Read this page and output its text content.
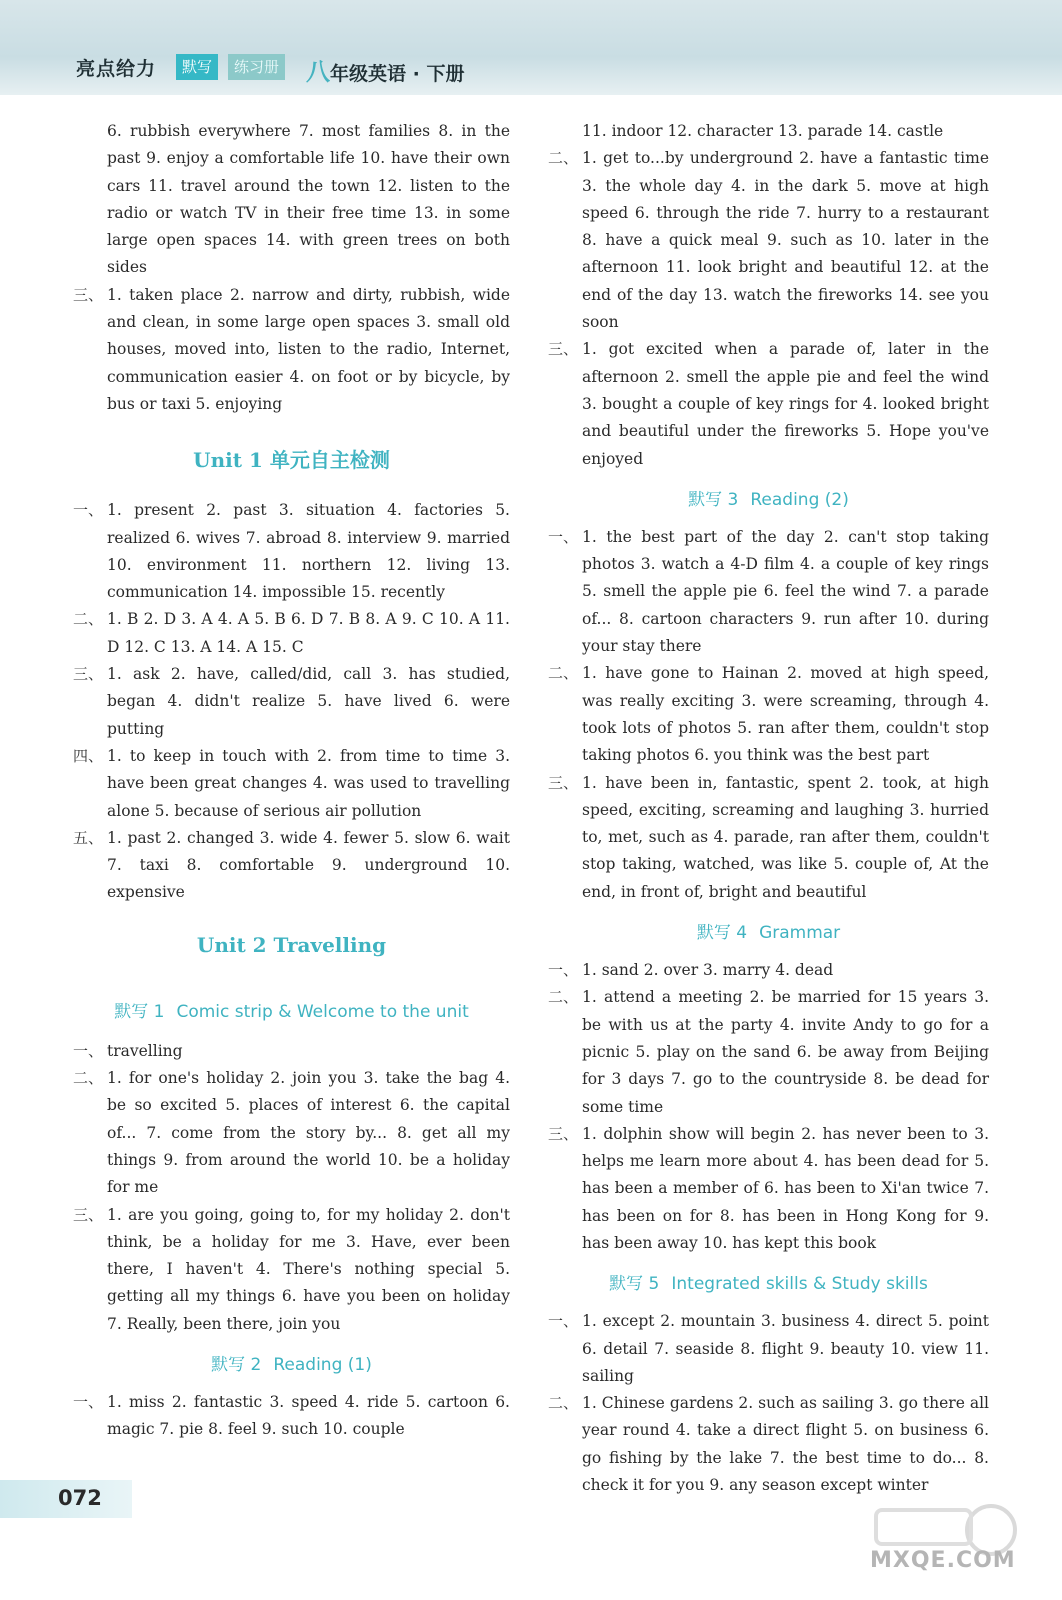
亮点给力	默写	练习册 八年级英语 · 下册

6. rubbish everywhere 7. most families 8. in the past 9. enjoy a comfortable life 10. have their own cars 11. travel around the town 12. listen to the radio or watch TV in their free time 13. in some large open spaces 14. with green trees on both sides

三、 1. taken place 2. narrow and dirty, rubbish, wide and clean, in some large open spaces 3. small old houses, moved into, listen to the radio, Internet, communication easier 4. on foot or by bicycle, by bus or taxi 5. enjoying

Unit 1 单元自主检测

一、 1. present 2. past 3. situation 4. factories 5. realized 6. wives 7. abroad 8. interview 9. married 10. environment 11. northern 12. living 13. communication 14. impossible 15. recently

二、 1. B 2. D 3. A 4. A 5. B 6. D 7. B 8. A 9. C 10. A 11. D 12. C 13. A 14. A 15. C

三、 1. ask 2. have, called/did, call 3. has studied, began 4. didn't realize 5. have lived 6. were putting

四、 1. to keep in touch with 2. from time to time 3. have been great changes 4. was used to travelling alone 5. because of serious air pollution

五、 1. past 2. changed 3. wide 4. fewer 5. slow 6. wait 7. taxi 8. comfortable 9. underground 10. expensive

Unit 2 Travelling

默写 1 Comic strip & Welcome to the unit

一、 travelling

二、 1. for one's holiday 2. join you 3. take the bag 4. be so excited 5. places of interest 6. the capital of... 7. come from the story by... 8. get all my things 9. from around the world 10. be a holiday for me

三、 1. are you going, going to, for my holiday 2. don't think, be a holiday for me 3. Have, ever been there, I haven't 4. There's nothing special 5. getting all my things 6. have you been on holiday 7. Really, been there, join you

默写 2 Reading (1)

一、 1. miss 2. fantastic 3. speed 4. ride 5. cartoon 6. magic 7. pie 8. feel 9. such 10. couple

11. indoor 12. character 13. parade 14. castle

二、 1. get to...by underground 2. have a fantastic time 3. the whole day 4. in the dark 5. move at high speed 6. through the ride 7. hurry to a restaurant 8. have a quick meal 9. such as 10. later in the afternoon 11. look bright and beautiful 12. at the end of the day 13. watch the fireworks 14. see you soon

三、 1. got excited when a parade of, later in the afternoon 2. smell the apple pie and feel the wind 3. bought a couple of key rings for 4. looked bright and beautiful under the fireworks 5. Hope you've enjoyed

默写 3 Reading (2)

一、 1. the best part of the day 2. can't stop taking photos 3. watch a 4-D film 4. a couple of key rings 5. smell the apple pie 6. feel the wind 7. a parade of... 8. cartoon characters 9. run after 10. during your stay there

二、 1. have gone to Hainan 2. moved at high speed, was really exciting 3. were screaming, through 4. took lots of photos 5. ran after them, couldn't stop taking photos 6. you think was the best part

三、 1. have been in, fantastic, spent 2. took, at high speed, exciting, screaming and laughing 3. hurried to, met, such as 4. parade, ran after them, couldn't stop taking, watched, was like 5. couple of, At the end, in front of, bright and beautiful

默写 4 Grammar

一、 1. sand 2. over 3. marry 4. dead

二、 1. attend a meeting 2. be married for 15 years 3. be with us at the party 4. invite Andy to go for a picnic 5. play on the sand 6. be away from Beijing for 3 days 7. go to the countryside 8. be dead for some time

三、 1. dolphin show will begin 2. has never been to 3. helps me learn more about 4. has been dead for 5. has been a member of 6. has been to Xi'an twice 7. has been on for 8. has been in Hong Kong for 9. has been away 10. has kept this book

默写 5 Integrated skills & Study skills

一、 1. except 2. mountain 3. business 4. direct 5. point 6. detail 7. seaside 8. flight 9. beauty 10. view 11. sailing

二、 1. Chinese gardens 2. such as sailing 3. go there all year round 4. take a direct flight 5. on business 6. go fishing by the lake 7. the best time to do... 8. check it for you 9. any season except winter

072
MXQE.COM
